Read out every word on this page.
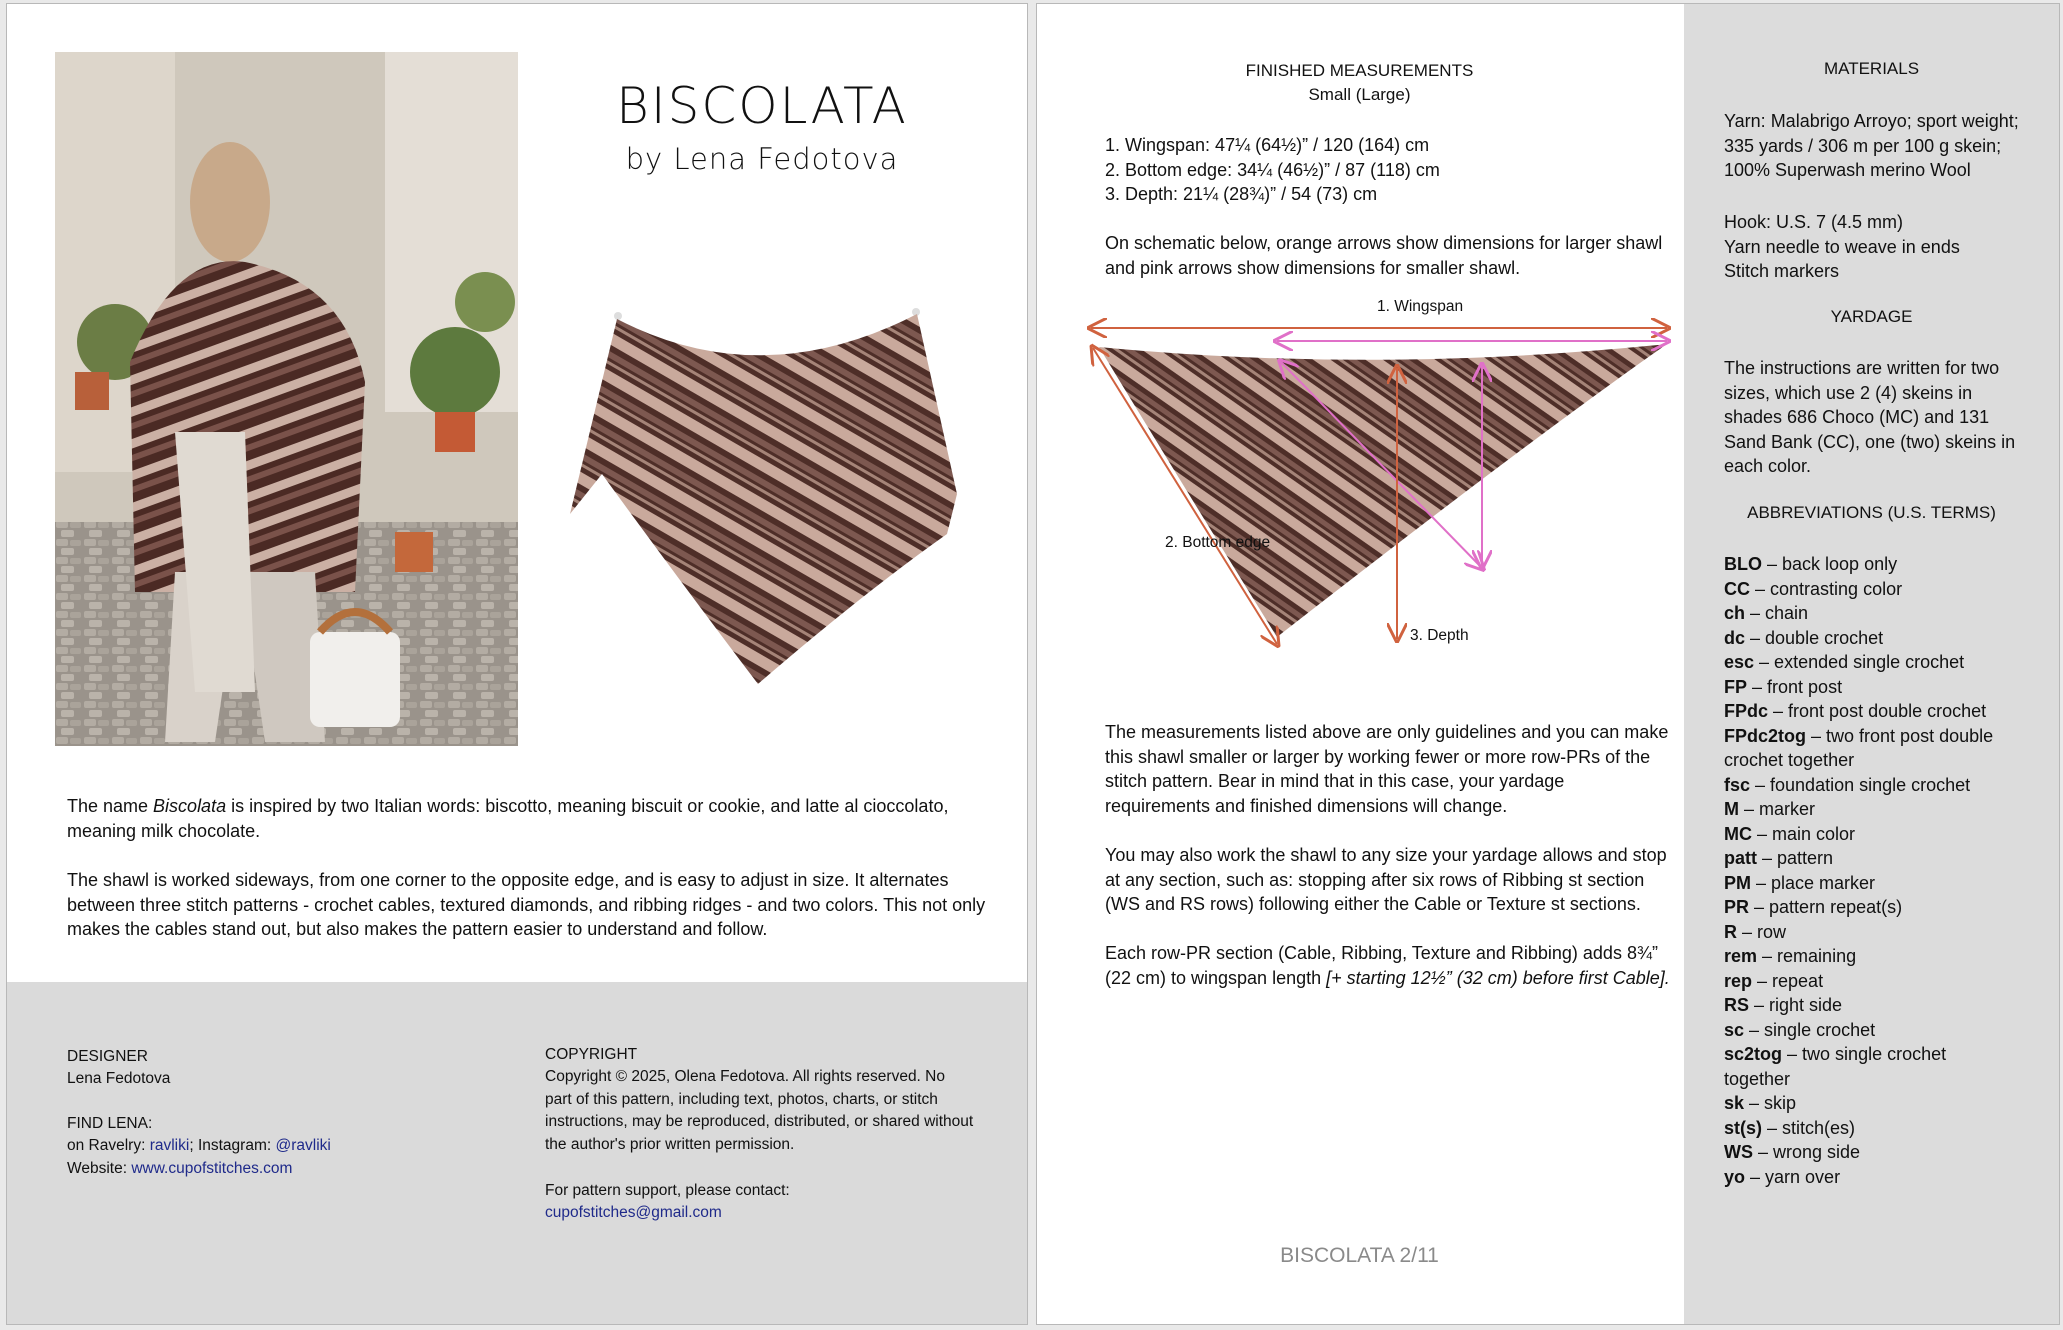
BISCOLATA
by Lena Fedotova
The name Biscolata is inspired by two Italian words: biscotto, meaning biscuit or cookie, and latte al cioccolato, meaning milk chocolate.
The shawl is worked sideways, from one corner to the opposite edge, and is easy to adjust in size. It alternates between three stitch patterns - crochet cables, textured diamonds, and ribbing ridges - and two colors. This not only makes the cables stand out, but also makes the pattern easier to understand and follow.
DESIGNER
Lena Fedotova
FIND LENA:
on Ravelry: ravliki; Instagram: @ravliki
Website: www.cupofstitches.com
COPYRIGHT
Copyright © 2025, Olena Fedotova. All rights reserved. No part of this pattern, including text, photos, charts, or stitch instructions, may be reproduced, distributed, or shared without the author's prior written permission.
For pattern support, please contact:
cupofstitches@gmail.com
FINISHED MEASUREMENTS
Small (Large)
1. Wingspan: 47¼ (64½)” / 120 (164) cm
2. Bottom edge: 34¼ (46½)” / 87 (118) cm
3. Depth: 21¼ (28¾)” / 54 (73) cm
On schematic below, orange arrows show dimensions for larger shawl and pink arrows show dimensions for smaller shawl.
1. Wingspan
2. Bottom edge
3. Depth
The measurements listed above are only guidelines and you can make this shawl smaller or larger by working fewer or more row-PRs of the stitch pattern. Bear in mind that in this case, your yardage requirements and finished dimensions will change.
You may also work the shawl to any size your yardage allows and stop at any section, such as: stopping after six rows of Ribbing st section (WS and RS rows) following either the Cable or Texture st sections.
Each row-PR section (Cable, Ribbing, Texture and Ribbing) adds 8¾” (22 cm) to wingspan length [+ starting 12½” (32 cm) before first Cable].
BISCOLATA 2/11
MATERIALS
Yarn: Malabrigo Arroyo; sport weight; 335 yards / 306 m per 100 g skein; 100% Superwash merino Wool
Hook: U.S. 7 (4.5 mm)
Yarn needle to weave in ends
Stitch markers
YARDAGE
The instructions are written for two sizes, which use 2 (4) skeins in shades 686 Choco (MC) and 131 Sand Bank (CC), one (two) skeins in each color.
ABBREVIATIONS (U.S. TERMS)
BLO – back loop only
CC – contrasting color
ch – chain
dc – double crochet
esc – extended single crochet
FP – front post
FPdc – front post double crochet
FPdc2tog – two front post double crochet together
fsc – foundation single crochet
M – marker
MC – main color
patt – pattern
PM – place marker
PR – pattern repeat(s)
R – row
rem – remaining
rep – repeat
RS – right side
sc – single crochet
sc2tog – two single crochet together
sk – skip
st(s) – stitch(es)
WS – wrong side
yo – yarn over
